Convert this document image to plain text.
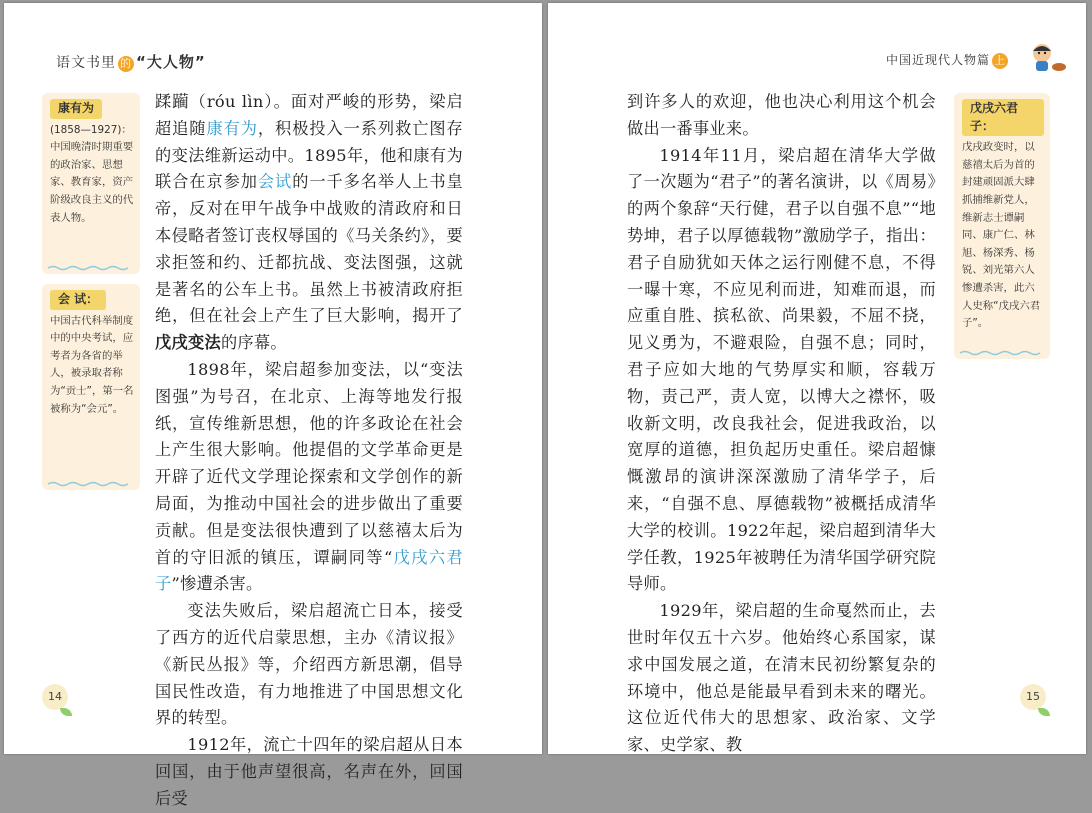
语文书里 的 “大人物”
康有为
(1858—1927)：中国晚清时期重要的政治家、思想家、教育家，资产阶级改良主义的代表人物。
会 试：
中国古代科举制度中的中央考试，应考者为各省的举人，被录取者称为“贡士”，第一名被称为“会元”。

蹂躏（róu lìn）。面对严峻的形势，梁启超追随康有为，积极投入一系列救亡图存的变法维新运动中。1895年，他和康有为联合在京参加会试的一千多名举人上书皇帝，反对在甲午战争中战败的清政府和日本侵略者签订丧权辱国的《马关条约》，要求拒签和约、迁都抗战、变法图强，这就是著名的公车上书。虽然上书被清政府拒绝，但在社会上产生了巨大影响，揭开了戊戌变法的序幕。

1898年，梁启超参加变法，以“变法图强”为号召，在北京、上海等地发行报纸，宣传维新思想，他的许多政论在社会上产生很大影响。他提倡的文学革命更是开辟了近代文学理论探索和文学创作的新局面，为推动中国社会的进步做出了重要贡献。但是变法很快遭到了以慈禧太后为首的守旧派的镇压，谭嗣同等“戊戌六君子”惨遭杀害。

变法失败后，梁启超流亡日本，接受了西方的近代启蒙思想，主办《清议报》《新民丛报》等，介绍西方新思潮，倡导国民性改造，有力地推进了中国思想文化界的转型。

1912年，流亡十四年的梁启超从日本回国，由于他声望很高，名声在外，回国后受

14
中国近现代人物篇 上
戊戌六君子：
戊戌政变时，以慈禧太后为首的封建顽固派大肆抓捕维新党人，维新志士谭嗣同、康广仁、林旭、杨深秀、杨锐、刘光第六人惨遭杀害，此六人史称“戊戌六君子”。

到许多人的欢迎，他也决心利用这个机会做出一番事业来。

1914年11月，梁启超在清华大学做了一次题为“君子”的著名演讲，以《周易》的两个象辞“天行健，君子以自强不息”“地势坤，君子以厚德载物”激励学子，指出：君子自励犹如天体之运行刚健不息，不得一曝十寒，不应见利而进，知难而退，而应重自胜、摈私欲、尚果毅，不屈不挠，见义勇为，不避艰险，自强不息；同时，君子应如大地的气势厚实和顺，容载万物，责己严，责人宽，以博大之襟怀，吸收新文明，改良我社会，促进我政治，以宽厚的道德，担负起历史重任。梁启超慷慨激昂的演讲深深激励了清华学子，后来，“自强不息、厚德载物”被概括成清华大学的校训。1922年起，梁启超到清华大学任教，1925年被聘任为清华国学研究院导师。

1929年，梁启超的生命戛然而止，去世时年仅五十六岁。他始终心系国家，谋求中国发展之道，在清末民初纷繁复杂的环境中，他总是能最早看到未来的曙光。这位近代伟大的思想家、政治家、文学家、史学家、教

15
